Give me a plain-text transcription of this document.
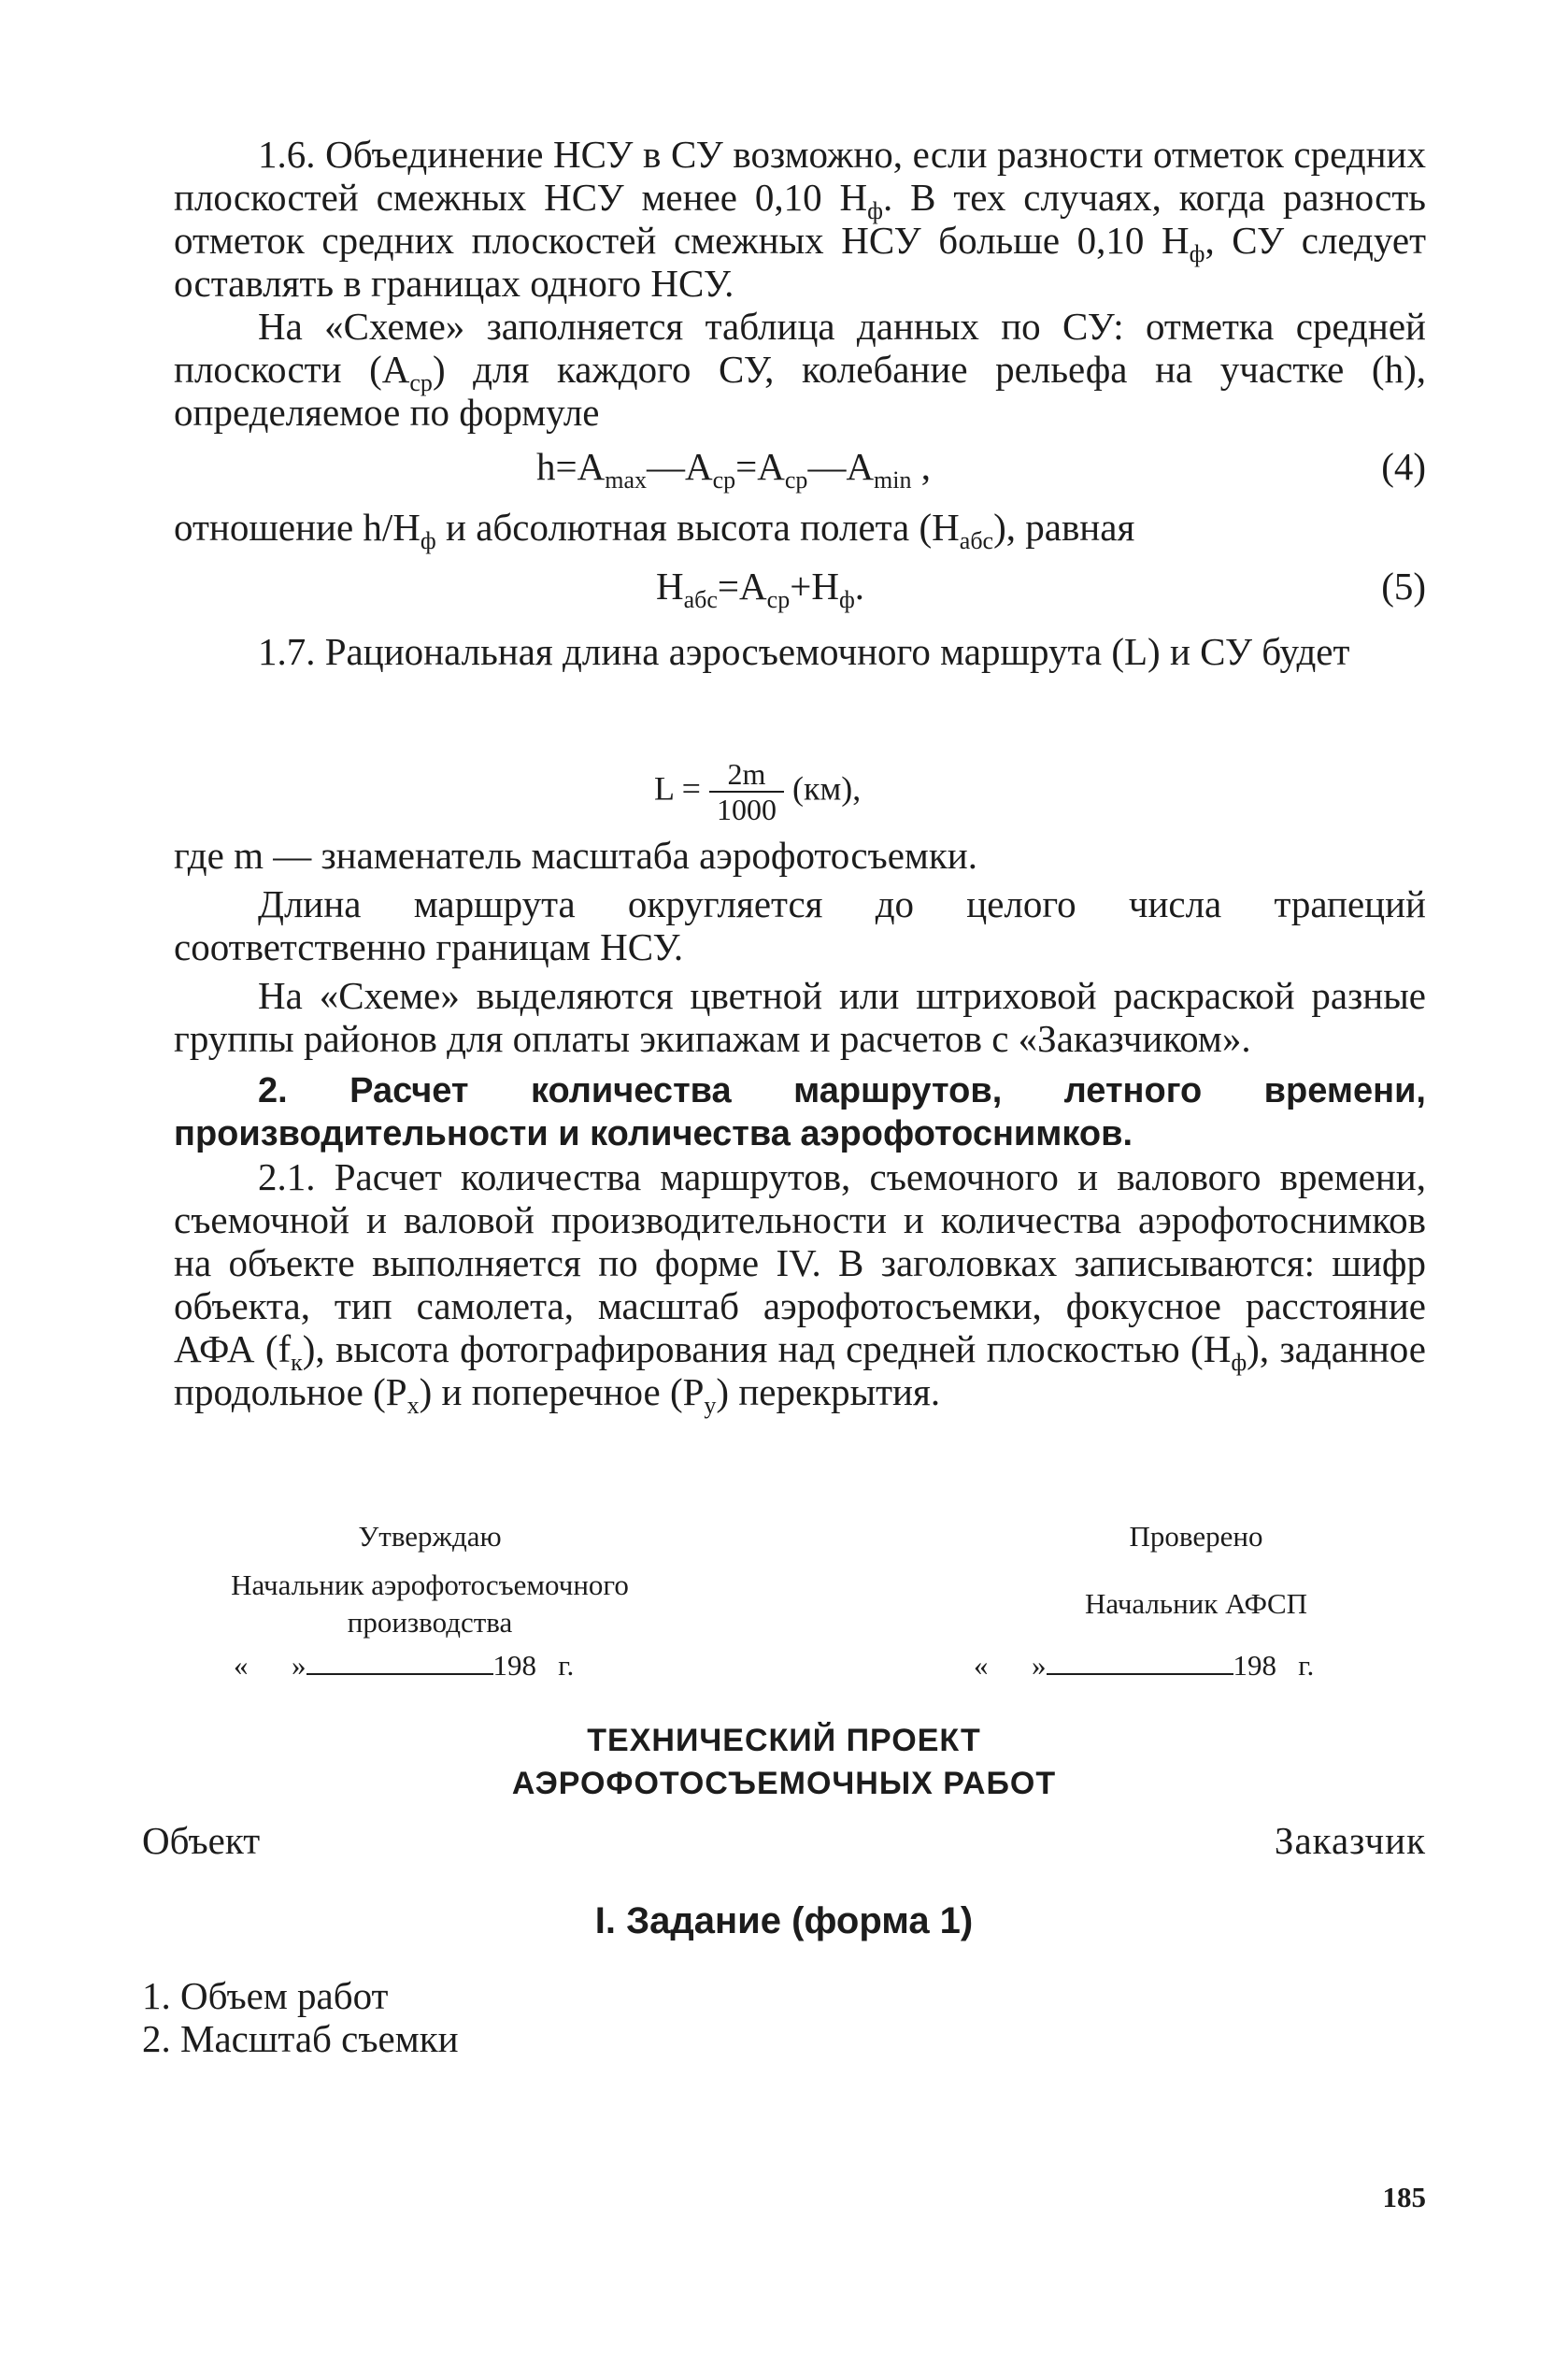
1.6. Объединение НСУ в СУ возможно, если разности отметок средних плоскостей смежных НСУ менее 0,10 $Н_ф$. В тех случаях, когда разность отметок средних плоскостей смежных НСУ больше 0,10 $Н_ф$, СУ следует оставлять в границах одного НСУ.

На «Схеме» заполняется таблица данных по СУ: отметка средней плоскости $(А_{ср})$ для каждого СУ, колебание рельефа на участке (h), определяемое по формуле

$h=А_{max}—А_{ср}=А_{ср}—А_{min}$ ,	(4)

отношение $h/Н_ф$ и абсолютная высота полета $(Н_{абс})$, равная

$Н_{абс}=А_{ср}+Н_ф$.	(5)

1.7. Рациональная длина аэросъемочного маршрута (L) и СУ будет

$L = \frac{2m}{1000} (км)$,

где m — знаменатель масштаба аэрофотосъемки.

Длина маршрута округляется до целого числа трапеций соответственно границам НСУ.

На «Схеме» выделяются цветной или штриховой раскраской разные группы районов для оплаты экипажам и расчетов с «Заказчиком».

2. Расчет количества маршрутов, летного времени, производительности и количества аэрофотоснимков.

2.1. Расчет количества маршрутов, съемочного и валового времени, съемочной и валовой производительности и количества аэрофотоснимков на объекте выполняется по форме IV. В заголовках записываются: шифр объекта, тип самолета, масштаб аэрофотосъемки, фокусное расстояние АФА $(f_к)$, высота фотографирования над средней плоскостью $(Н_ф)$, заданное продольное $(Р_х)$ и поперечное $(Р_у)$ перекрытия.

Утверждаю
Начальник аэрофотосъемочного
производства
« »	198 г.
Проверено
Начальник АФСП
« »	198 г.
ТЕХНИЧЕСКИЙ ПРОЕКТ
АЭРОФОТОСЪЕМОЧНЫХ РАБОТ
Объект	Заказчик
I. Задание (форма 1)
1. Объем работ
2. Масштаб съемки
185
